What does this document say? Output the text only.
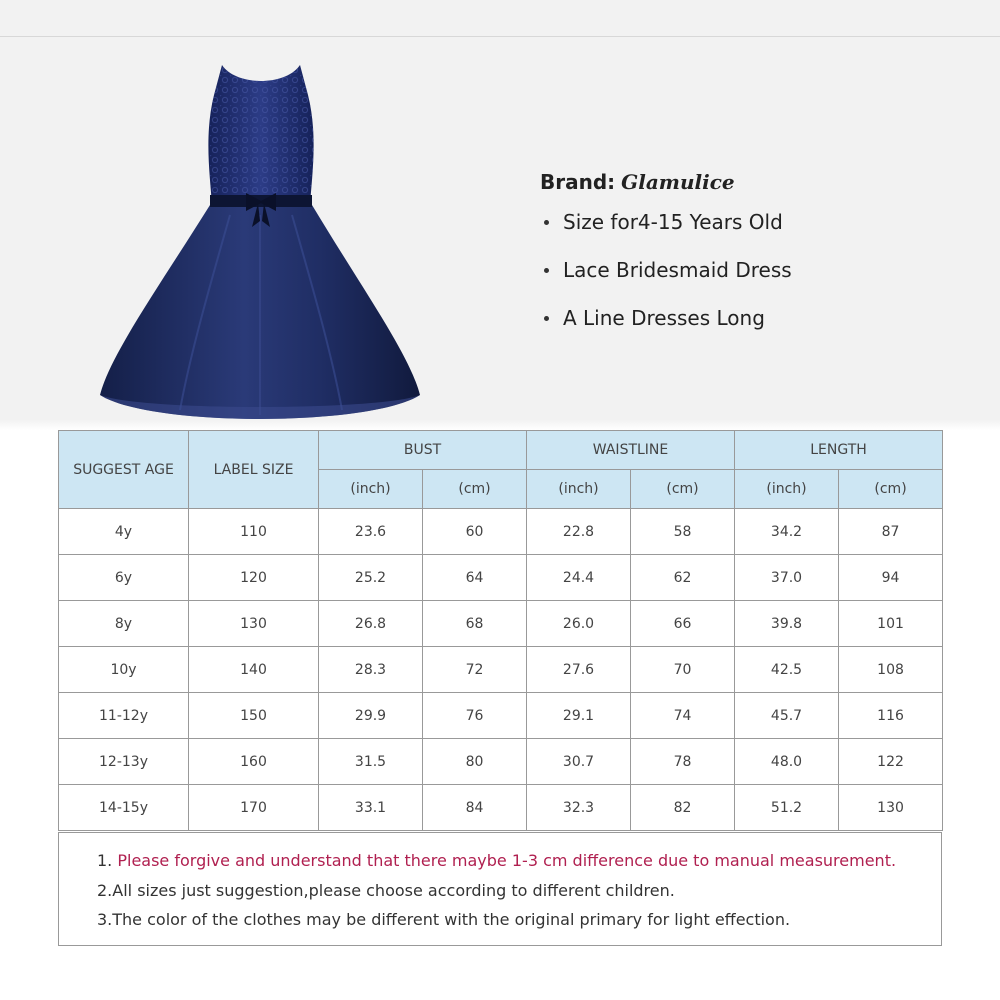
Brand: Glamulice
Size for4-15 Years Old
Lace Bridesmaid Dress
A Line Dresses Long
SUGGEST AGE	LABEL SIZE	BUST		WAISTLINE		LENGTH	
		(inch)	(cm)	(inch)	(cm)	(inch)	(cm)
4y	110	23.6	60	22.8	58	34.2	87
6y	120	25.2	64	24.4	62	37.0	94
8y	130	26.8	68	26.0	66	39.8	101
10y	140	28.3	72	27.6	70	42.5	108
11-12y	150	29.9	76	29.1	74	45.7	116
12-13y	160	31.5	80	30.7	78	48.0	122
14-15y	170	33.1	84	32.3	82	51.2	130
1. Please forgive and understand that there maybe 1-3 cm difference due to manual measurement.
2.All sizes just suggestion,please choose according to different children.
3.The color of the clothes may be different with the original primary for light effection.
